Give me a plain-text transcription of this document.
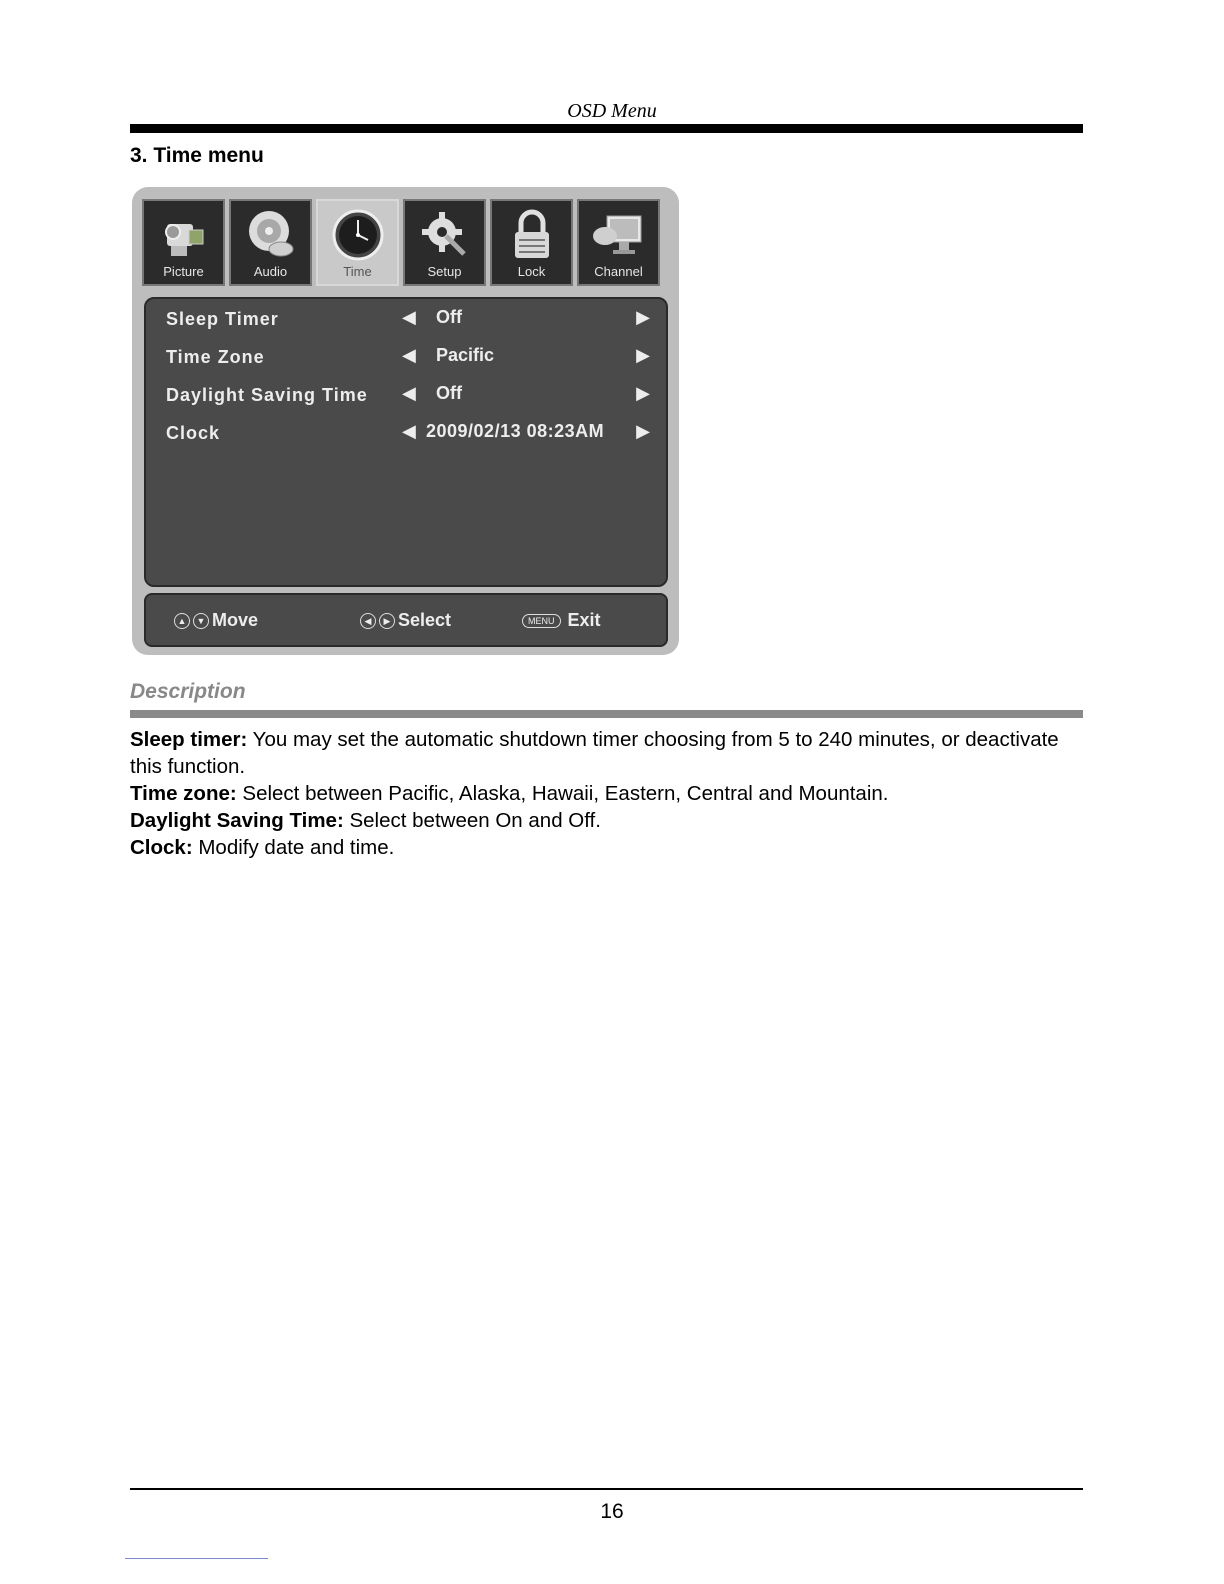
OSD Menu
3. Time menu
Picture	Audio	Time	Setup	Lock	Channel
Sleep Timer	◀ Off	▶
Time Zone	◀ Pacific	▶
Daylight Saving Time ◀ Off	▶
Clock	◀ 2009/02/13 08:23AM	▶
▲	▼ Move	◀	▶ Select	MENU Exit
Description
Sleep timer: You may set the automatic shutdown timer choosing from 5 to 240 minutes, or deactivate this function.
Time zone: Select between Pacific, Alaska, Hawaii, Eastern, Central and Mountain.
Daylight Saving Time: Select between On and Off.
Clock: Modify date and time.
16
